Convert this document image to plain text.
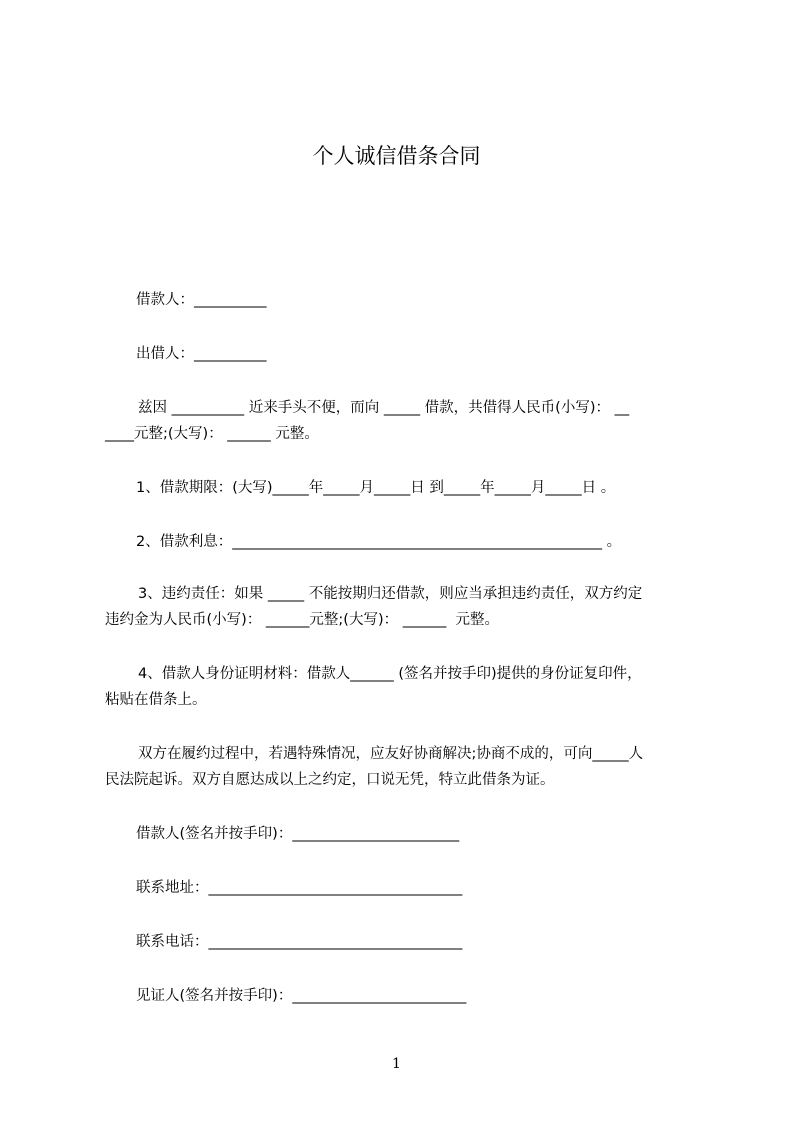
个人诚信借条合同
借款人：__________
出借人：__________
兹因 __________ 近来手头不便，而向 _____ 借款，共借得人民币(小写)： __
____元整;(大写)： ______ 元整。
1、借款期限：(大写)_____年_____月_____日 到_____年_____月_____日 。
2、借款利息：___________________________________________________ 。
3、违约责任：如果 _____ 不能按期归还借款，则应当承担违约责任，双方约定
违约金为人民币(小写)： ______元整;(大写)： ______  元整。
4、借款人身份证明材料：借款人______ (签名并按手印)提供的身份证复印件，
粘贴在借条上。
双方在履约过程中，若遇特殊情况，应友好协商解决;协商不成的，可向_____人
民法院起诉。双方自愿达成以上之约定，口说无凭，特立此借条为证。
借款人(签名并按手印)：_______________________
联系地址：___________________________________
联系电话：___________________________________
见证人(签名并按手印)：________________________
1
